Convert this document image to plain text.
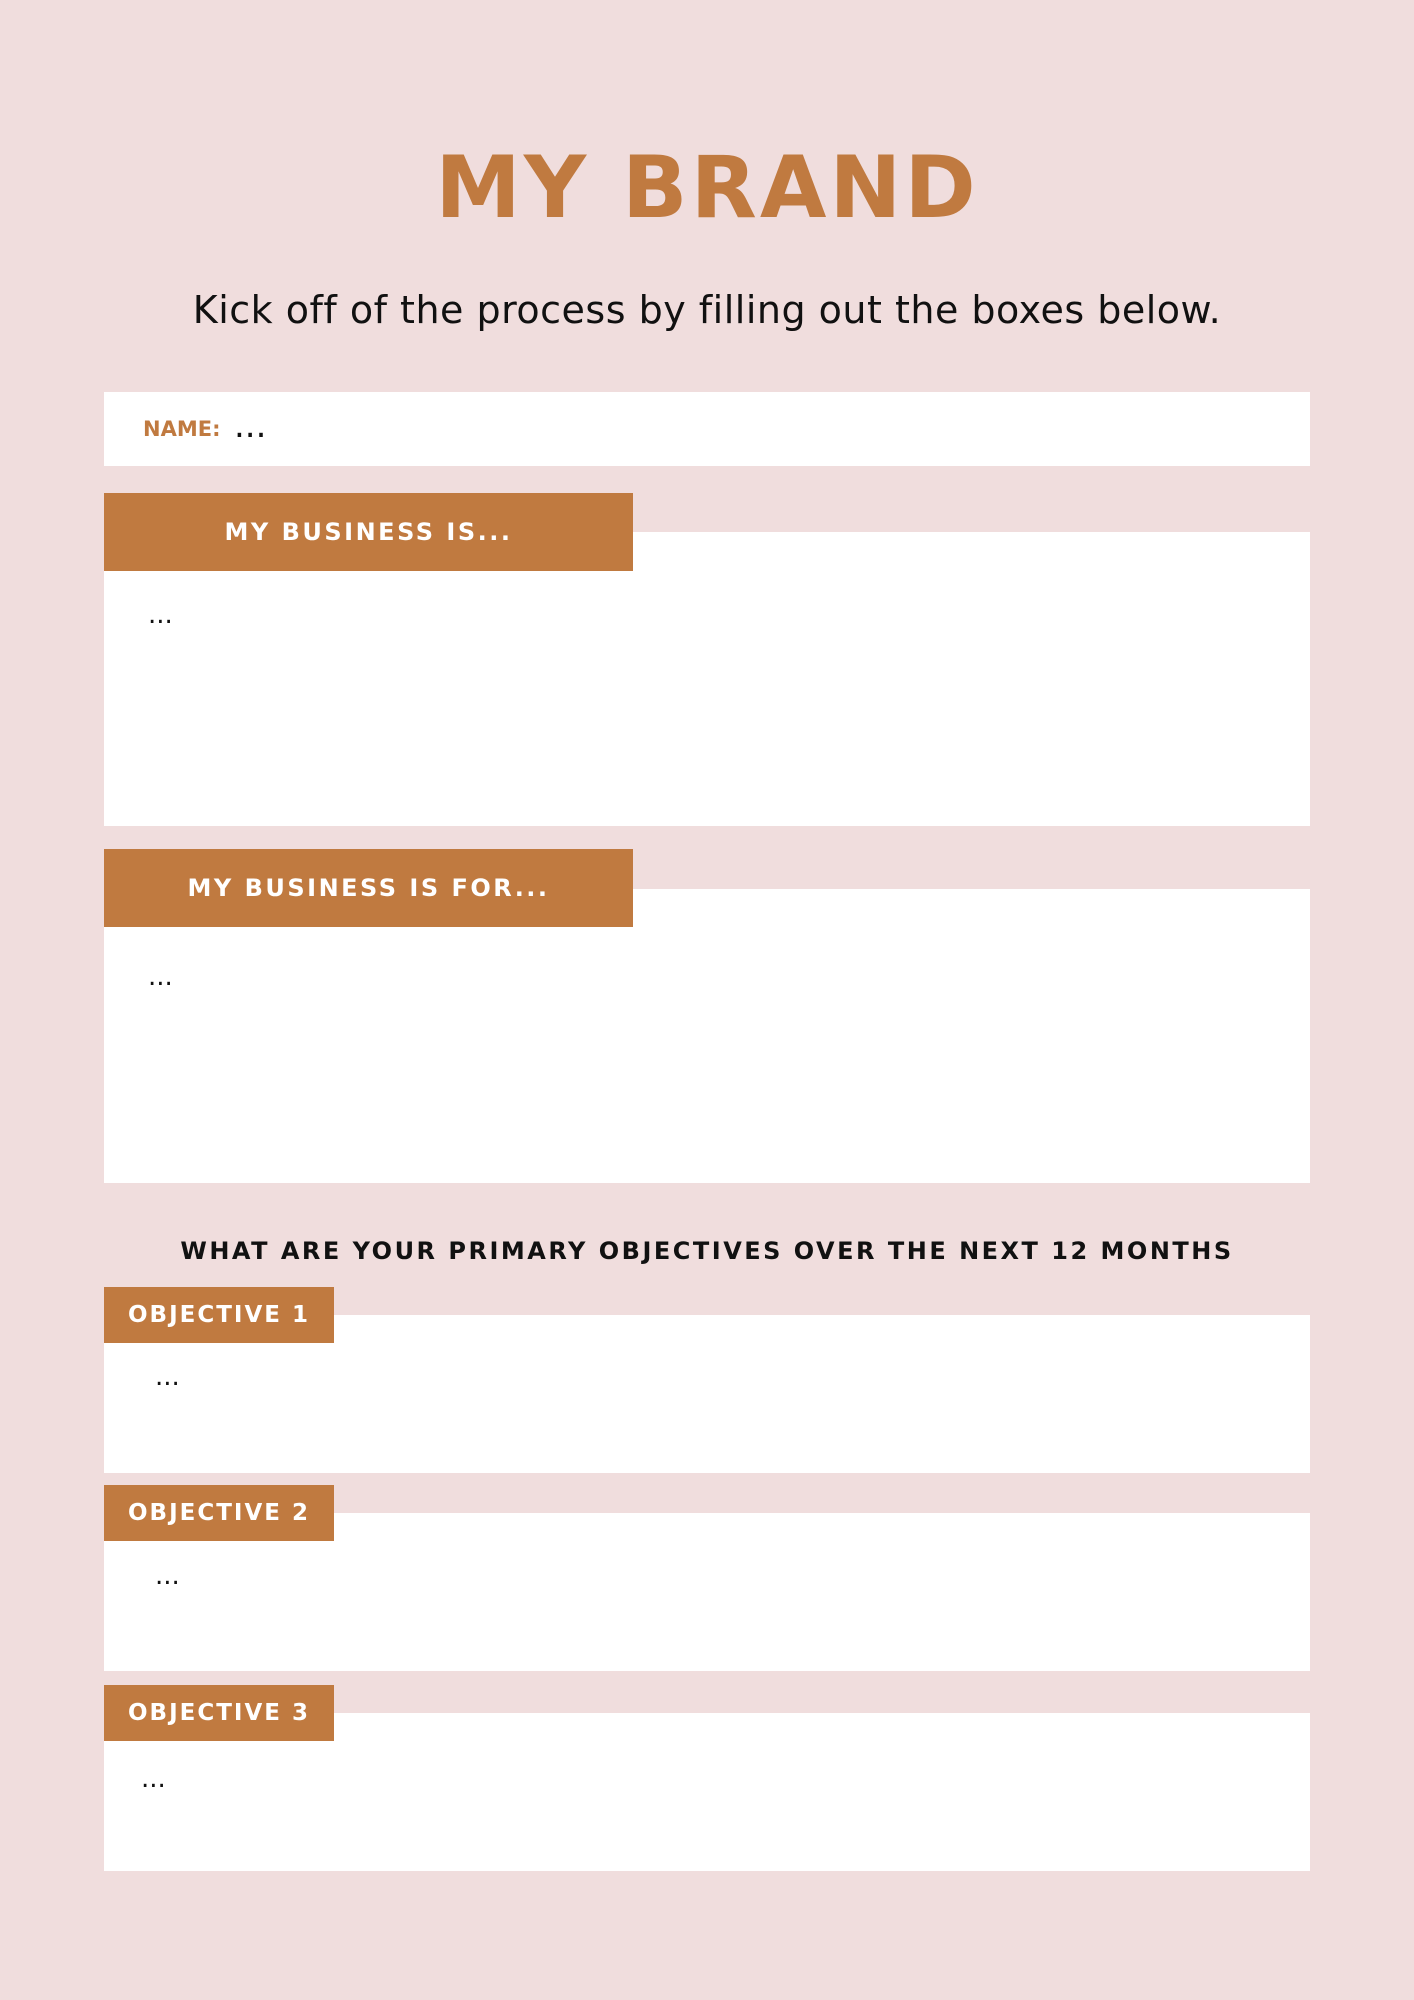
MY BRAND
Kick off of the process by filling out the boxes below.
NAME: ...
MY BUSINESS IS...
...
MY BUSINESS IS FOR...
...
WHAT ARE YOUR PRIMARY OBJECTIVES OVER THE NEXT 12 MONTHS
OBJECTIVE 1
...
OBJECTIVE 2
...
OBJECTIVE 3
...
